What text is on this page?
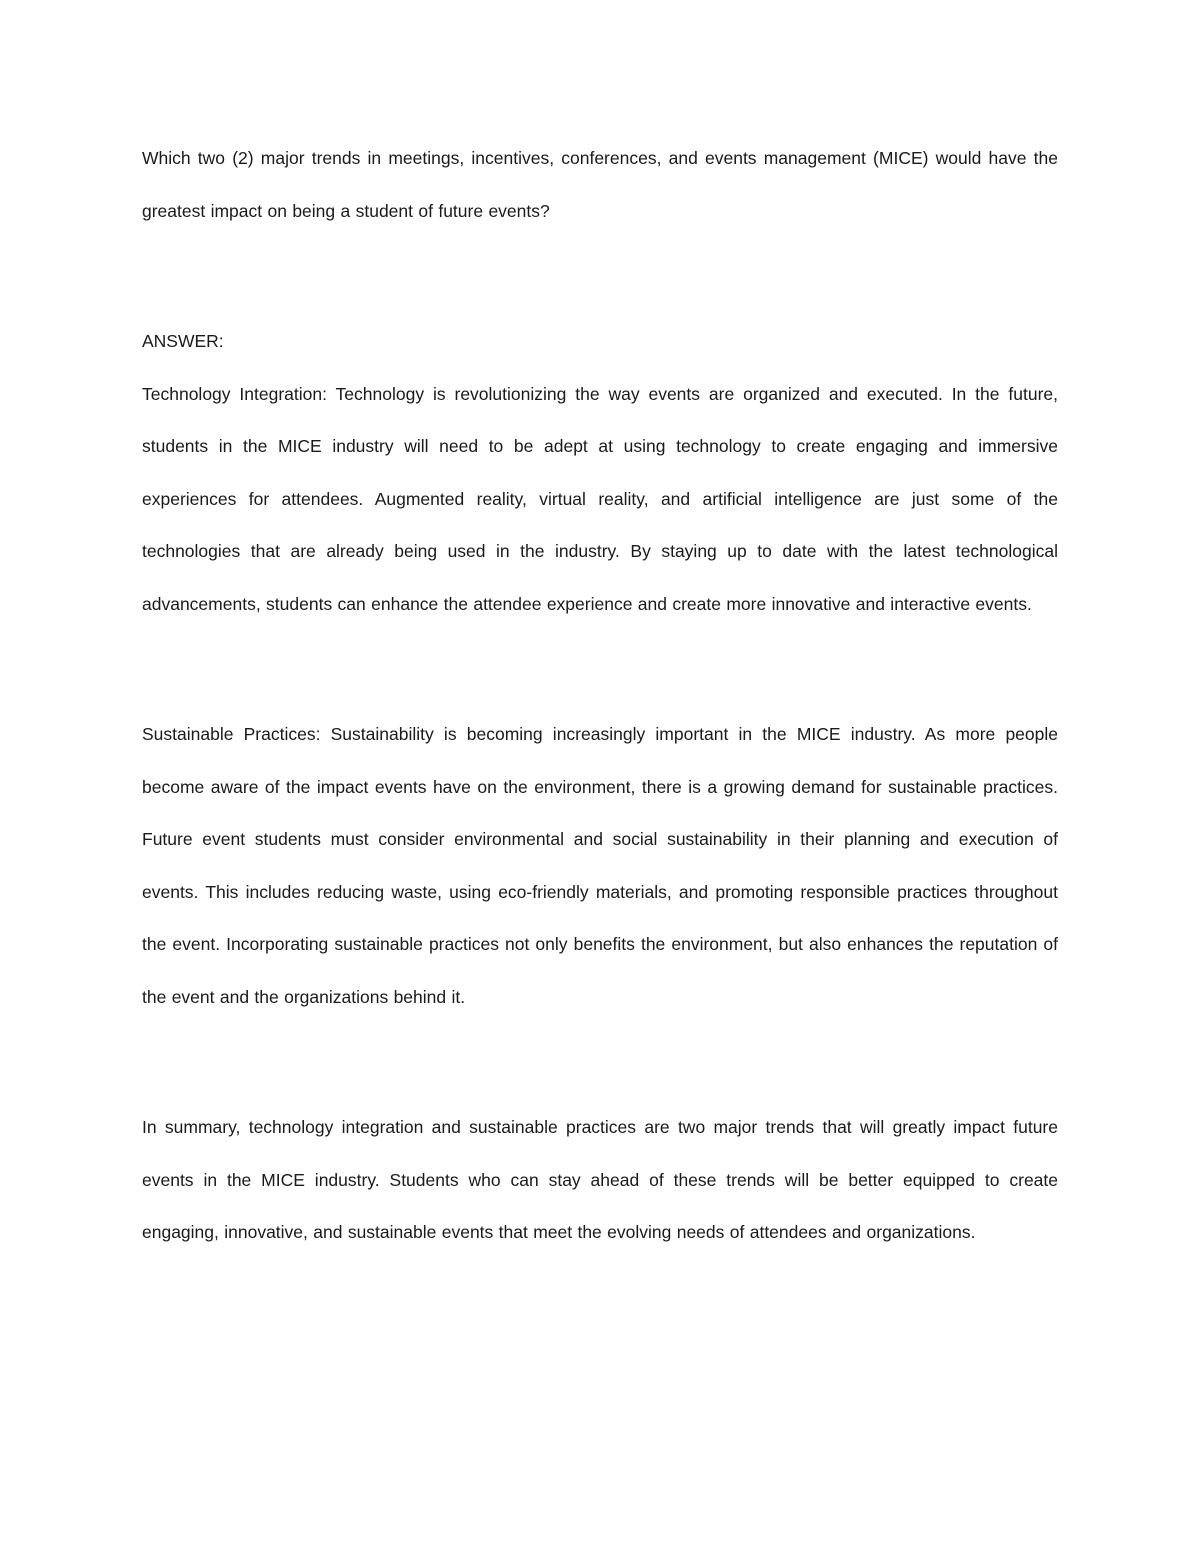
Which two (2) major trends in meetings, incentives, conferences, and events management (MICE) would have the greatest impact on being a student of future events?

ANSWER:

Technology Integration: Technology is revolutionizing the way events are organized and executed. In the future, students in the MICE industry will need to be adept at using technology to create engaging and immersive experiences for attendees. Augmented reality, virtual reality, and artificial intelligence are just some of the technologies that are already being used in the industry. By staying up to date with the latest technological advancements, students can enhance the attendee experience and create more innovative and interactive events.

Sustainable Practices: Sustainability is becoming increasingly important in the MICE industry. As more people become aware of the impact events have on the environment, there is a growing demand for sustainable practices. Future event students must consider environmental and social sustainability in their planning and execution of events. This includes reducing waste, using eco-friendly materials, and promoting responsible practices throughout the event. Incorporating sustainable practices not only benefits the environment, but also enhances the reputation of the event and the organizations behind it.

In summary, technology integration and sustainable practices are two major trends that will greatly impact future events in the MICE industry. Students who can stay ahead of these trends will be better equipped to create engaging, innovative, and sustainable events that meet the evolving needs of attendees and organizations.
